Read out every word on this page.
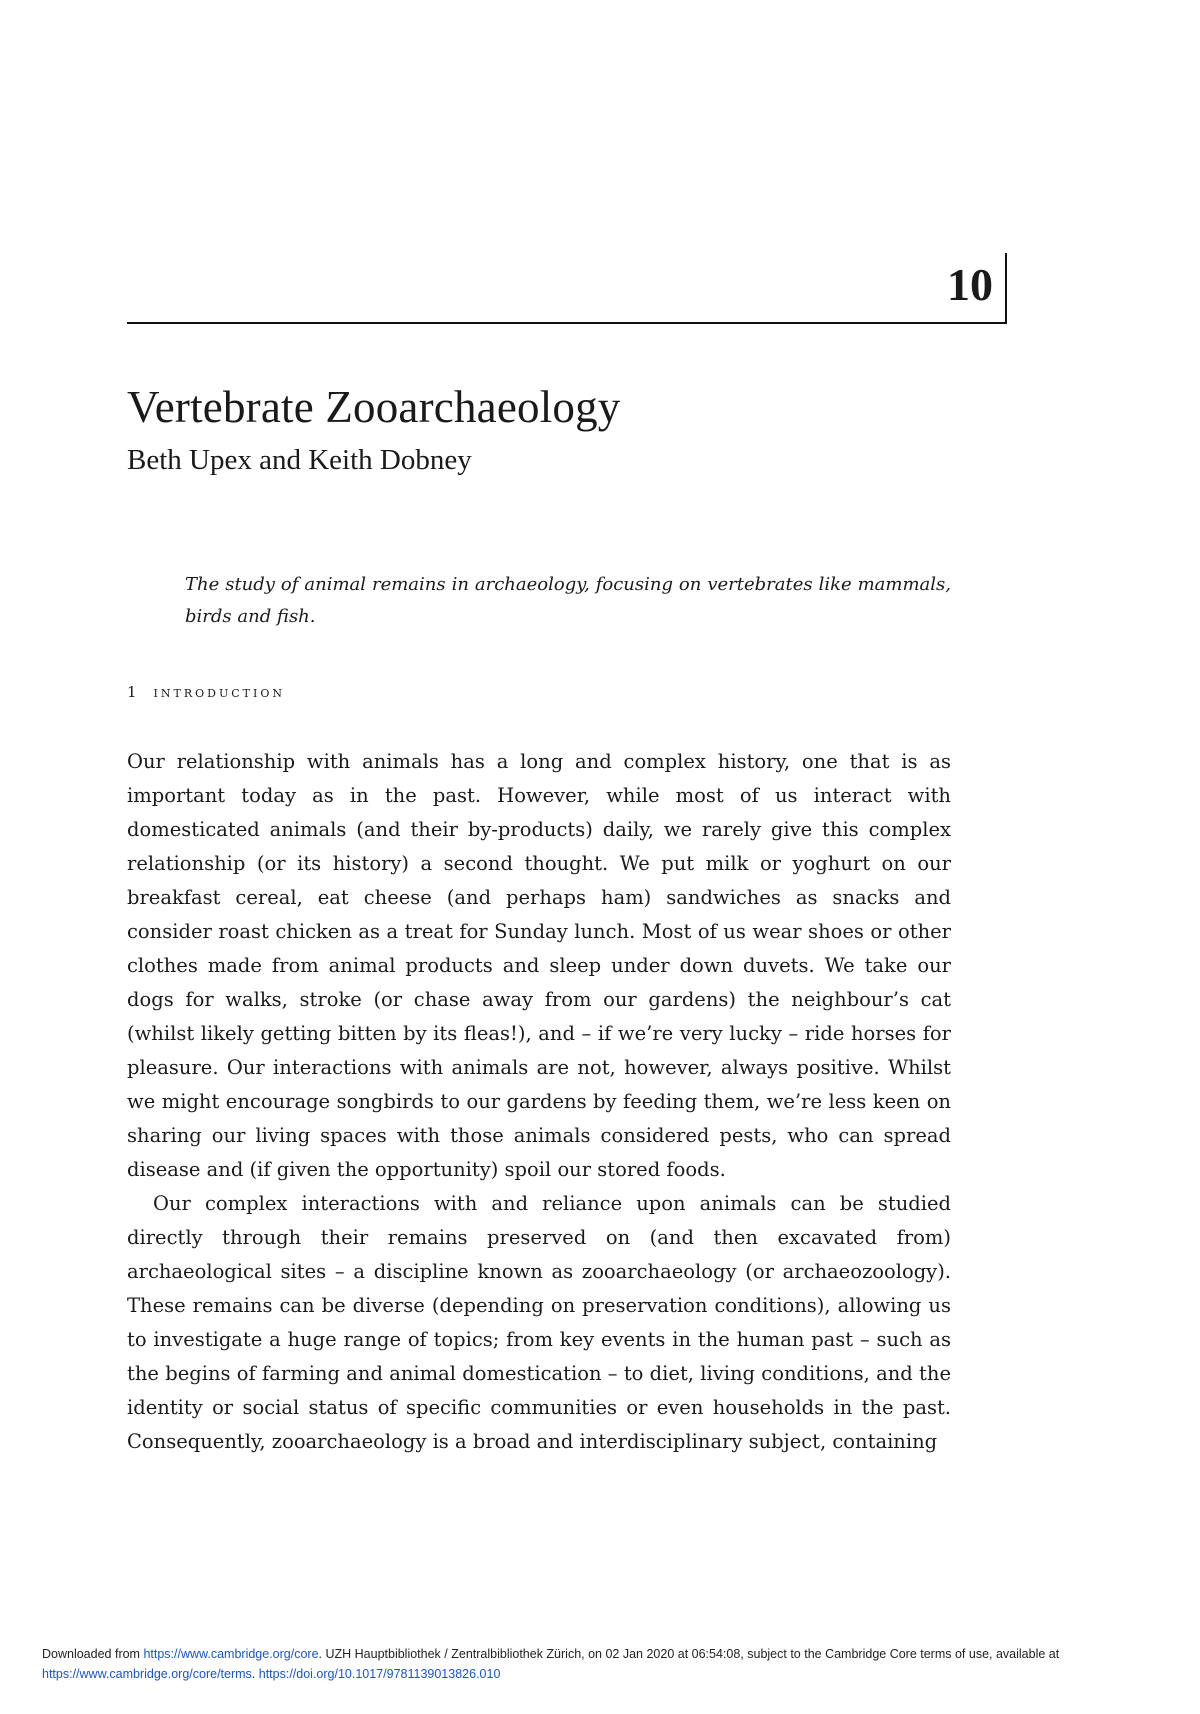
10
Vertebrate Zooarchaeology
Beth Upex and Keith Dobney

The study of animal remains in archaeology, focusing on vertebrates like mammals, birds and fish.

1 introduction

Our relationship with animals has a long and complex history, one that is as important today as in the past. However, while most of us interact with domesticated animals (and their by-products) daily, we rarely give this complex relationship (or its history) a second thought. We put milk or yoghurt on our breakfast cereal, eat cheese (and perhaps ham) sandwiches as snacks and consider roast chicken as a treat for Sunday lunch. Most of us wear shoes or other clothes made from animal products and sleep under down duvets. We take our dogs for walks, stroke (or chase away from our gardens) the neighbour’s cat (whilst likely getting bitten by its fleas!), and – if we’re very lucky – ride horses for pleasure. Our interactions with animals are not, however, always positive. Whilst we might encourage songbirds to our gardens by feeding them, we’re less keen on sharing our living spaces with those animals considered pests, who can spread disease and (if given the opportunity) spoil our stored foods.

Our complex interactions with and reliance upon animals can be studied directly through their remains preserved on (and then excavated from) archaeological sites – a discipline known as zooarchaeology (or archaeozoology). These remains can be diverse (depending on preservation conditions), allowing us to investigate a huge range of topics; from key events in the human past – such as the begins of farming and animal domestication – to diet, living conditions, and the identity or social status of specific communities or even households in the past. Consequently, zooarchaeology is a broad and interdisciplinary subject, containing

Downloaded from https://www.cambridge.org/core. UZH Hauptbibliothek / Zentralbibliothek Zürich, on 02 Jan 2020 at 06:54:08, subject to the Cambridge Core terms of use, available at https://www.cambridge.org/core/terms. https://doi.org/10.1017/9781139013826.010
